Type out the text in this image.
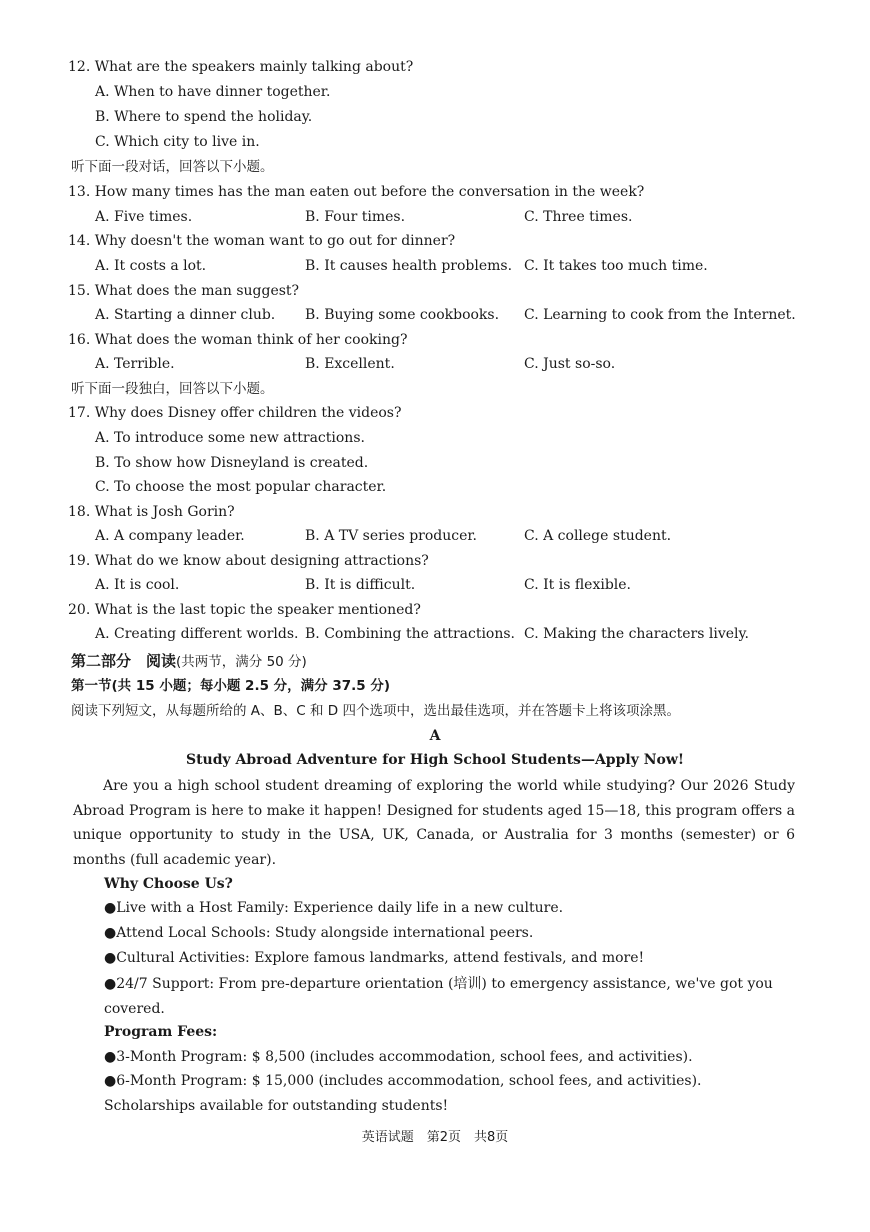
12. What are the speakers mainly talking about?
A. When to have dinner together.
B. Where to spend the holiday.
C. Which city to live in.
听下面一段对话，回答以下小题。
13. How many times has the man eaten out before the conversation in the week?
A. Five times.	B. Four times.	C. Three times.
14. Why doesn't the woman want to go out for dinner?
A. It costs a lot.	B. It causes health problems. C. It takes too much time.
15. What does the man suggest?
A. Starting a dinner club. B. Buying some cookbooks. C. Learning to cook from the Internet.
16. What does the woman think of her cooking?
A. Terrible.	B. Excellent.	C. Just so-so.
听下面一段独白，回答以下小题。
17. Why does Disney offer children the videos?
A. To introduce some new attractions.
B. To show how Disneyland is created.
C. To choose the most popular character.
18. What is Josh Gorin?
A. A company leader.	B. A TV series producer.	C. A college student.
19. What do we know about designing attractions?
A. It is cool.	B. It is difficult.	C. It is flexible.
20. What is the last topic the speaker mentioned?
A. Creating different worlds. B. Combining the attractions. C. Making the characters lively.
第二部分　阅读(共两节，满分 50 分)
第一节(共 15 小题；每小题 2.5 分，满分 37.5 分)
阅读下列短文，从每题所给的 A、B、C 和 D 四个选项中，选出最佳选项，并在答题卡上将该项涂黑。
A
Study Abroad Adventure for High School Students—Apply Now!
Are you a high school student dreaming of exploring the world while studying? Our 2026 Study Abroad Program is here to make it happen! Designed for students aged 15—18, this program offers a unique opportunity to study in the USA, UK, Canada, or Australia for 3 months (semester) or 6 months (full academic year).
Why Choose Us?
●Live with a Host Family: Experience daily life in a new culture.
●Attend Local Schools: Study alongside international peers.
●Cultural Activities: Explore famous landmarks, attend festivals, and more!
●24/7 Support: From pre-departure orientation (培训) to emergency assistance, we've got you covered.
Program Fees:
●3-Month Program: $ 8,500 (includes accommodation, school fees, and activities).
●6-Month Program: $ 15,000 (includes accommodation, school fees, and activities).
Scholarships available for outstanding students!
英语试题　第2页　共8页
